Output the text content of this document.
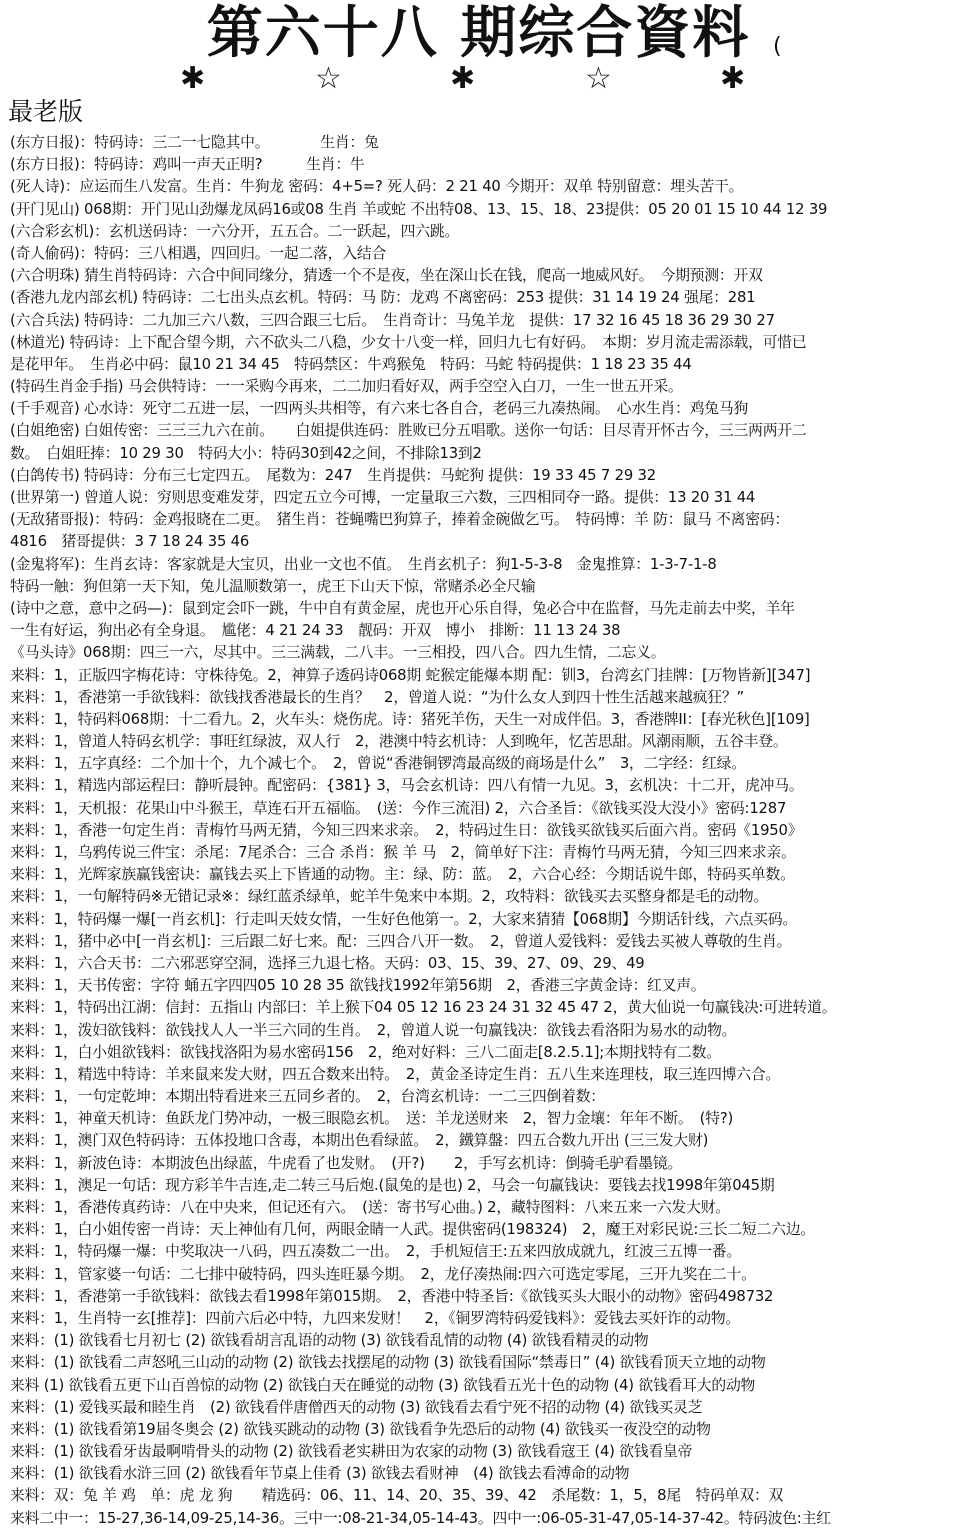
第六十八 期综合資料	(
✱	☆	✱	☆	✱
最老版
(东方日报)：特码诗：三二一七隐其中。　　　　生肖：兔
(东方日报)：特码诗：鸡叫一声天正明?　　　生肖：牛
(死人诗)：应运而生八发富。生肖：牛狗龙 密码：4+5=? 死人码：2 21 40 今期开：双单 特别留意：埋头苦干。
(开门见山) 068期：开门见山劲爆龙凤码16或08 生肖 羊或蛇 不出特08、13、15、18、23提供：05 20 01 15 10 44 12 39
(六合彩玄机)：玄机送码诗：一六分开，五五合。二一跃起，四六跳。
(奇人偷码)：特码：三八相遇，四回归。一起二落，入结合
(六合明珠) 猜生肖特码诗：六合中间同缘分，猜透一个不是夜，坐在深山长在钱，爬高一地威风好。　今期预测：开双
(香港九龙内部玄机) 特码诗：二七出头点玄机。特码：马 防：龙鸡 不离密码：253 提供：31 14 19 24 强尾：281
(六合兵法) 特码诗：二九加三六八数，三四合跟三七后。　生肖奇计：马兔羊龙　提供：17 32 16 45 18 36 29 30 27
(林道光) 特码诗：上下配合望今期，六不砍头二八稳，少女十八变一样，回归九七有好码。　本期：岁月流走需添载，可惜已
是花甲年。　生肖必中码：鼠10 21 34 45　特码禁区：牛鸡猴兔　特码：马蛇 特码提供：1 18 23 35 44
(特码生肖金手指) 马会供特诗：一一采购今再来，二二加归看好双，两手空空入白刀，一生一世五开采。
(千手观音) 心水诗：死守二五进一层，一四两头共相等，有六来七各自合，老码三九凑热闹。　心水生肖：鸡兔马狗
(白姐绝密) 白姐传密：三三三九六在前。　　白姐提供连码：胜败已分五唱歌。送你一句话：目尽青开怀古今，三三两两开二
数。　白姐旺捧：10 29 30　特码大小：特码30到42之间，不排除13到2
(白鸽传书) 特码诗：分布三七定四五。　尾数为：247　生肖提供：马蛇狗 提供：19 33 45 7 29 32
(世界第一) 曾道人说：穷则思变难发芽，四定五立今可博，一定量取三六数，三四相同夺一路。提供：13 20 31 44
(无敌猪哥报)：特码：金鸡报晓在二更。　猪生肖：苍蝇嘴巴狗算子，捧着金碗做乞丐。　特码博：羊 防：鼠马 不离密码：
4816　猪哥提供：3 7 18 24 35 46
(金鬼将军)：生肖玄诗：客家就是大宝贝，出业一文也不值。　生肖玄机子：狗1-5-3-8　金鬼推算：1-3-7-1-8
特码一触：狗但第一天下知，兔儿温顺数第一，虎王下山天下惊，常赌杀必全尺输
(诗中之意，意中之码—)：鼠到定会吓一跳，牛中自有黄金屋，虎也开心乐自得，兔必合中在监督，马先走前去中奖，羊年
一生有好运，狗出必有全身退。　尴佬：4 21 24 33　靓码：开双　博小　排断：11 13 24 38
《马头诗》068期：四三一六，尽其中。三三满载，二八丰。一三相投，四八合。四九生情，二忘义。
来料：1，正版四字梅花诗：守株待兔。2，神算子透码诗068期 蛇猴定能爆本期 配：钏3，台湾玄门挂牌：[万物皆新][347]
来料：1，香港第一手欲钱料：欲钱找香港最长的生肖？　2，曾道人说：“为什么女人到四十性生活越来越疯狂？”
来料：1，特码料068期：十二看九。2，火车头：烧伤虎。诗：猪死羊伤，天生一对成伴侣。3，香港牌II：[春光秋色][109]
来料：1，曾道人特码玄机学：事旺红绿波，双人行　2，港澳中特玄机诗：人到晚年，忆苦思甜。风潮雨顺，五谷丰登。
来料：1，五字真经：二个加十个，九个减七个。　2，曾说“香港铜锣湾最高级的商场是什么”　3，二字经：红绿。
来料：1，精选内部运程曰：静听晨钟。配密码：{381} 3，马会玄机诗：四八有情一九见。3，玄机决：十二开，虎冲马。
来料：1，天机报：花果山中斗猴王，草连石开五福临。　(送：今作三流泪) 2，六合圣旨：《欲钱买没大没小》密码:1287
来料：1，香港一句定生肖：青梅竹马两无猜，今知三四来求亲。　2，特码过生日：欲钱买欲钱买后面六肖。密码《1950》
来料：1，乌鸦传说三件宝：杀尾：7尾杀合：三合 杀肖：猴 羊 马　2，简单好下注：青梅竹马两无猜，今知三四来求亲。
来料：1，光辉家族赢钱密诀：赢钱去买上下皆通的动物。主：绿、防：蓝。　2，六合心经：今期话说牛郎，特码买单数。
来料：1，一句解特码※无错记录※：绿红蓝杀绿单，蛇羊牛兔来中本期。2，攻特料：欲钱买去买整身都是毛的动物。
来料：1，特码爆一爆[一肖玄机]：行走叫天妓女情，一生好色他第一。2，大家来猜猜【068期】今期话针线，六点买码。
来料：1，猪中必中[一肖玄机]：三后跟二好七来。配：三四合八开一数。　2，曾道人爱钱料：爱钱去买被人尊敬的生肖。
来料：1，六合天书：二六邪恶穿空洞，选择三九退七格。天码：03、15、39、27、09、29、49
来料：1，天书传密：字符 蛹五字四四05 10 28 35 欲钱找1992年第56期　2，香港三字黄金诗：红叉声。
来料：1，特码出江湖：信封：五指山 内部曰：羊上猴下04 05 12 16 23 24 31 32 45 47 2，黄大仙说一句赢钱决:可进转道。
来料：1，泼妇欲钱料：欲钱找人人一半三六同的生肖。　2，曾道人说一句赢钱决：欲钱去看洛阳为易水的动物。
来料：1，白小姐欲钱料：欲钱找洛阳为易水密码156　2，绝对好料：三八二面走[8.2.5.1];本期找特有二数。
来料：1，精选中特诗：羊来鼠来发大财，四五合数来出特。　2，黄金圣诗定生肖：五八生来连理枝，取三连四博六合。
来料：1，一句定乾坤：本期出特看进来三五同乡者的。　2，台湾玄机诗：一二三四倒着数：
来料：1，神童天机诗：鱼跃龙门势冲动，一极三眼隐玄机。　送：羊龙送财来　2，智力金壤：年年不断。　(特?)
来料：1，澳门双色特码诗：五体投地口含毒，本期出色看绿蓝。　2，鐵算盤：四五合数九开出 (三三发大财)
来料：1，新波色诗：本期波色出绿蓝，牛虎看了也发财。　(开?)　　2，手写玄机诗：倒骑毛驴看墨镜。
来料：1，澳足一句话：现方彩羊牛吉连,走二转三马后炮.(鼠兔的是也) 2，马会一句赢钱诀：要钱去找1998年第045期
来料：1，香港传真药诗：八在中央来，但记还有六。　(送：寄书写心曲。) 2，藏特图料：八来五来一六发大财。
来料：1，白小姐传密一肖诗：天上神仙有几何，两眼金睛一人武。提供密码(198324)　2，魔王对彩民说:三长二短二六边。
来料：1，特码爆一爆：中奖取决一八码，四五凑数二一出。　2，手机短信王:五来四放成就九，红波三五博一番。
来料：1，管家婆一句话：二七排中破特码，四头连旺暴今期。　2，龙仔凑热闹:四六可选定零尾，三开九奖在二十。
来料：1，香港第一手欲钱料：欲钱去看1998年第015期。　2，香港中特圣旨:《欲钱买头大眼小的动物》密码498732
来料：1，生肖特一玄[推荐]：四前六后必中特，九四来发财！　2，《铜罗湾特码爱钱料》：爱钱去买奸诈的动物。
来料：(1) 欲钱看七月初七 (2) 欲钱看胡言乱语的动物 (3) 欲钱看乱情的动物 (4) 欲钱看精灵的动物
来料：(1) 欲钱看二声怒吼三山动的动物 (2) 欲钱去找摆尾的动物 (3) 欲钱看国际“禁毒日” (4) 欲钱看顶天立地的动物
来料 (1) 欲钱看五更下山百兽惊的动物 (2) 欲钱白天在睡觉的动物 (3) 欲钱看五光十色的动物 (4) 欲钱看耳大的动物
来料：(1) 爱钱买最和睦生肖　(2) 欲钱看伴唐僧西天的动物 (3) 欲钱看去看宁死不招的动物 (4) 欲钱买灵芝
来料：(1) 欲钱看第19届冬奥会 (2) 欲钱买跳动的动物 (3) 欲钱看争先恐后的动物 (4) 欲钱买一夜没空的动物
来料：(1) 欲钱看牙齿最啊啃骨头的动物 (2) 欲钱看老实耕田为农家的动物 (3) 欲钱看寇王 (4) 欲钱看皇帝
来料：(1) 欲钱看水浒三回 (2) 欲钱看年节桌上佳肴 (3) 欲钱去看财神　(4) 欲钱去看溥命的动物
来料：双：兔 羊 鸡　单：虎 龙 狗　　精选码：06、11、14、20、35、39、42　杀尾数：1，5，8尾　特码单双：双
来料二中一：15-27,36-14,09-25,14-36。三中一:08-21-34,05-14-43。四中一:06-05-31-47,05-14-37-42。特码波色:主红
